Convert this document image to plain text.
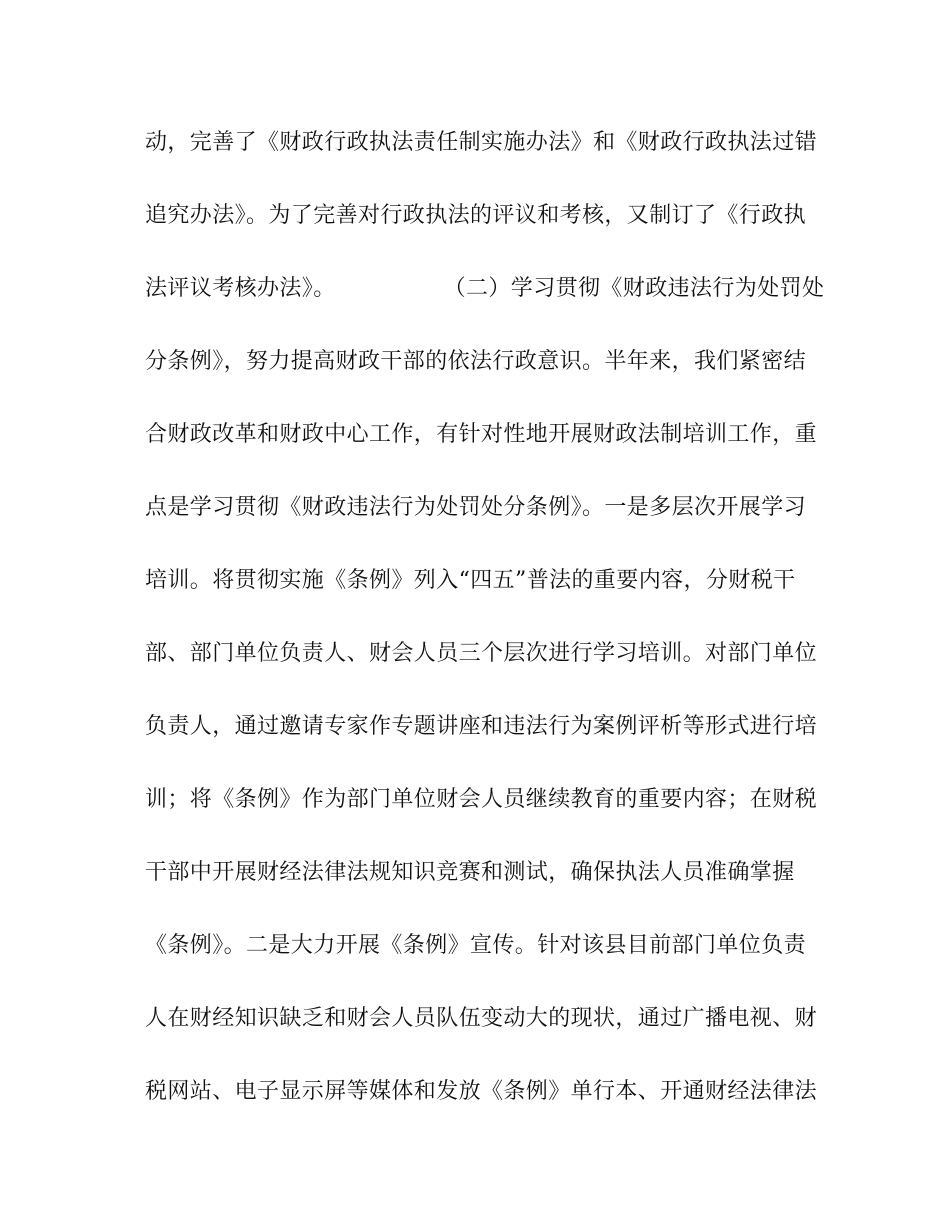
动，完善了《财政行政执法责任制实施办法》和《财政行政执法过错
追究办法》。为了完善对行政执法的评议和考核，又制订了《行政执
法评议考核办法》。	（二）学习贯彻《财政违法行为处罚处
分条例》，努力提高财政干部的依法行政意识。半年来，我们紧密结
合财政改革和财政中心工作，有针对性地开展财政法制培训工作，重
点是学习贯彻《财政违法行为处罚处分条例》。一是多层次开展学习
培训。将贯彻实施《条例》列入“四五”普法的重要内容，分财税干
部、部门单位负责人、财会人员三个层次进行学习培训。对部门单位
负责人，通过邀请专家作专题讲座和违法行为案例评析等形式进行培
训；将《条例》作为部门单位财会人员继续教育的重要内容；在财税
干部中开展财经法律法规知识竞赛和测试，确保执法人员准确掌握
《条例》。二是大力开展《条例》宣传。针对该县目前部门单位负责
人在财经知识缺乏和财会人员队伍变动大的现状，通过广播电视、财
税网站、电子显示屏等媒体和发放《条例》单行本、开通财经法律法
